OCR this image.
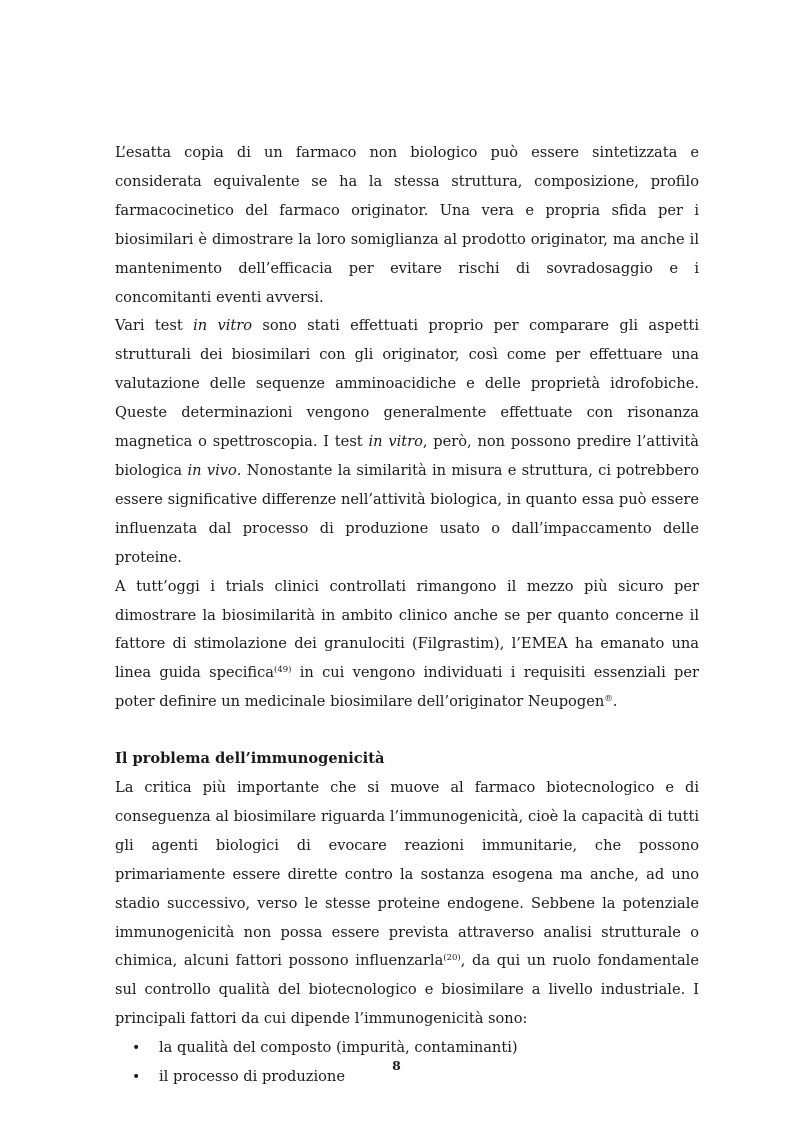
L’esatta copia di un farmaco non biologico può essere sintetizzata e considerata equivalente se ha la stessa struttura, composizione, profilo farmacocinetico del farmaco originator. Una vera e propria sfida per i biosimilari è dimostrare la loro somiglianza al prodotto originator, ma anche il mantenimento dell’efficacia per evitare rischi di sovradosaggio e i concomitanti eventi avversi.

Vari test in vitro sono stati effettuati proprio per comparare gli aspetti strutturali dei biosimilari con gli originator, così come per effettuare una valutazione delle sequenze amminoacidiche e delle proprietà idrofobiche. Queste determinazioni vengono generalmente effettuate con risonanza magnetica o spettroscopia. I test in vitro, però, non possono predire l’attività biologica in vivo. Nonostante la similarità in misura e struttura, ci potrebbero essere significative differenze nell’attività biologica, in quanto essa può essere influenzata dal processo di produzione usato o dall’impaccamento delle proteine.

A tutt’oggi i trials clinici controllati rimangono il mezzo più sicuro per dimostrare la biosimilarità in ambito clinico anche se per quanto concerne il fattore di stimolazione dei granulociti (Filgrastim), l’EMEA ha emanato una linea guida specifica$^{(49)}$ in cui vengono individuati i requisiti essenziali per poter definire un medicinale biosimilare dell’originator Neupogen®.

Il problema dell’immunogenicità

La critica più importante che si muove al farmaco biotecnologico e di conseguenza al biosimilare riguarda l’immunogenicità, cioè la capacità di tutti gli agenti biologici di evocare reazioni immunitarie, che possono primariamente essere dirette contro la sostanza esogena ma anche, ad uno stadio successivo, verso le stesse proteine endogene. Sebbene la potenziale immunogenicità non possa essere prevista attraverso analisi strutturale o chimica, alcuni fattori possono influenzarla$^{(20)}$, da qui un ruolo fondamentale sul controllo qualità del biotecnologico e biosimilare a livello industriale. I principali fattori da cui dipende l’immunogenicità sono:

• la qualità del composto (impurità, contaminanti)
• il processo di produzione
8
